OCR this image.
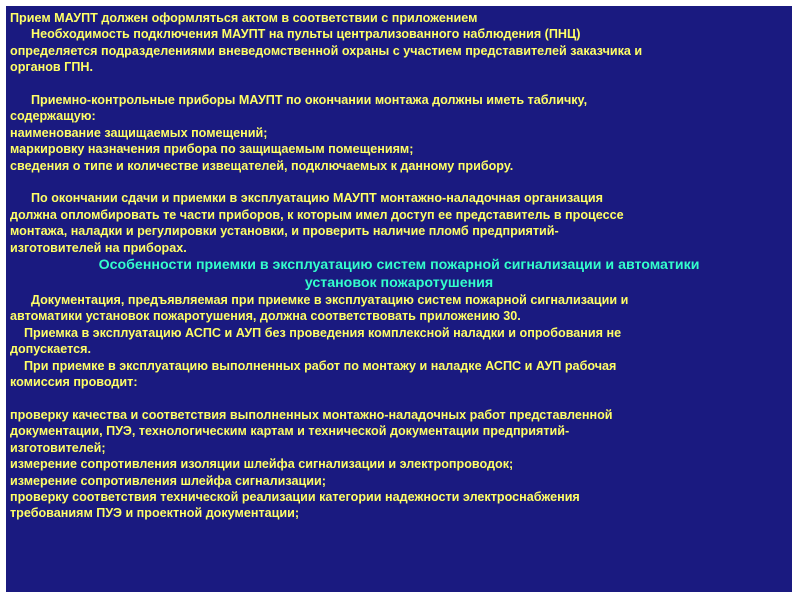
Прием МАУПТ должен оформляться актом в соответствии с приложением
Необходимость подключения МАУПТ на пульты централизованного наблюдения (ПНЦ)
определяется подразделениями вневедомственной охраны с участием представителей заказчика и
органов ГПН.
Приемно-контрольные приборы МАУПТ по окончании монтажа должны иметь табличку,
содержащую:
наименование защищаемых помещений;
маркировку назначения прибора по защищаемым помещениям;
сведения о типе и количестве извещателей, подключаемых к данному прибору.
По окончании сдачи и приемки в эксплуатацию МАУПТ монтажно-наладочная организация
должна опломбировать те части приборов, к которым имел доступ ее представитель в процессе
монтажа, наладки и регулировки установки, и проверить наличие пломб предприятий-
изготовителей на приборах.
Особенности приемки в эксплуатацию систем пожарной сигнализации и автоматики
установок пожаротушения
Документация, предъявляемая при приемке в эксплуатацию систем пожарной сигнализации и
автоматики установок пожаротушения, должна соответствовать приложению 30.
Приемка в эксплуатацию АСПС и АУП без проведения комплексной наладки и опробования не
допускается.
При приемке в эксплуатацию выполненных работ по монтажу и наладке АСПС и АУП рабочая
комиссия проводит:
проверку качества и соответствия выполненных монтажно-наладочных работ представленной
документации, ПУЭ, технологическим картам и технической документации предприятий-
изготовителей;
измерение сопротивления изоляции шлейфа сигнализации и электропроводок;
измерение сопротивления шлейфа сигнализации;
проверку соответствия технической реализации категории надежности электроснабжения
требованиям ПУЭ и проектной документации;
